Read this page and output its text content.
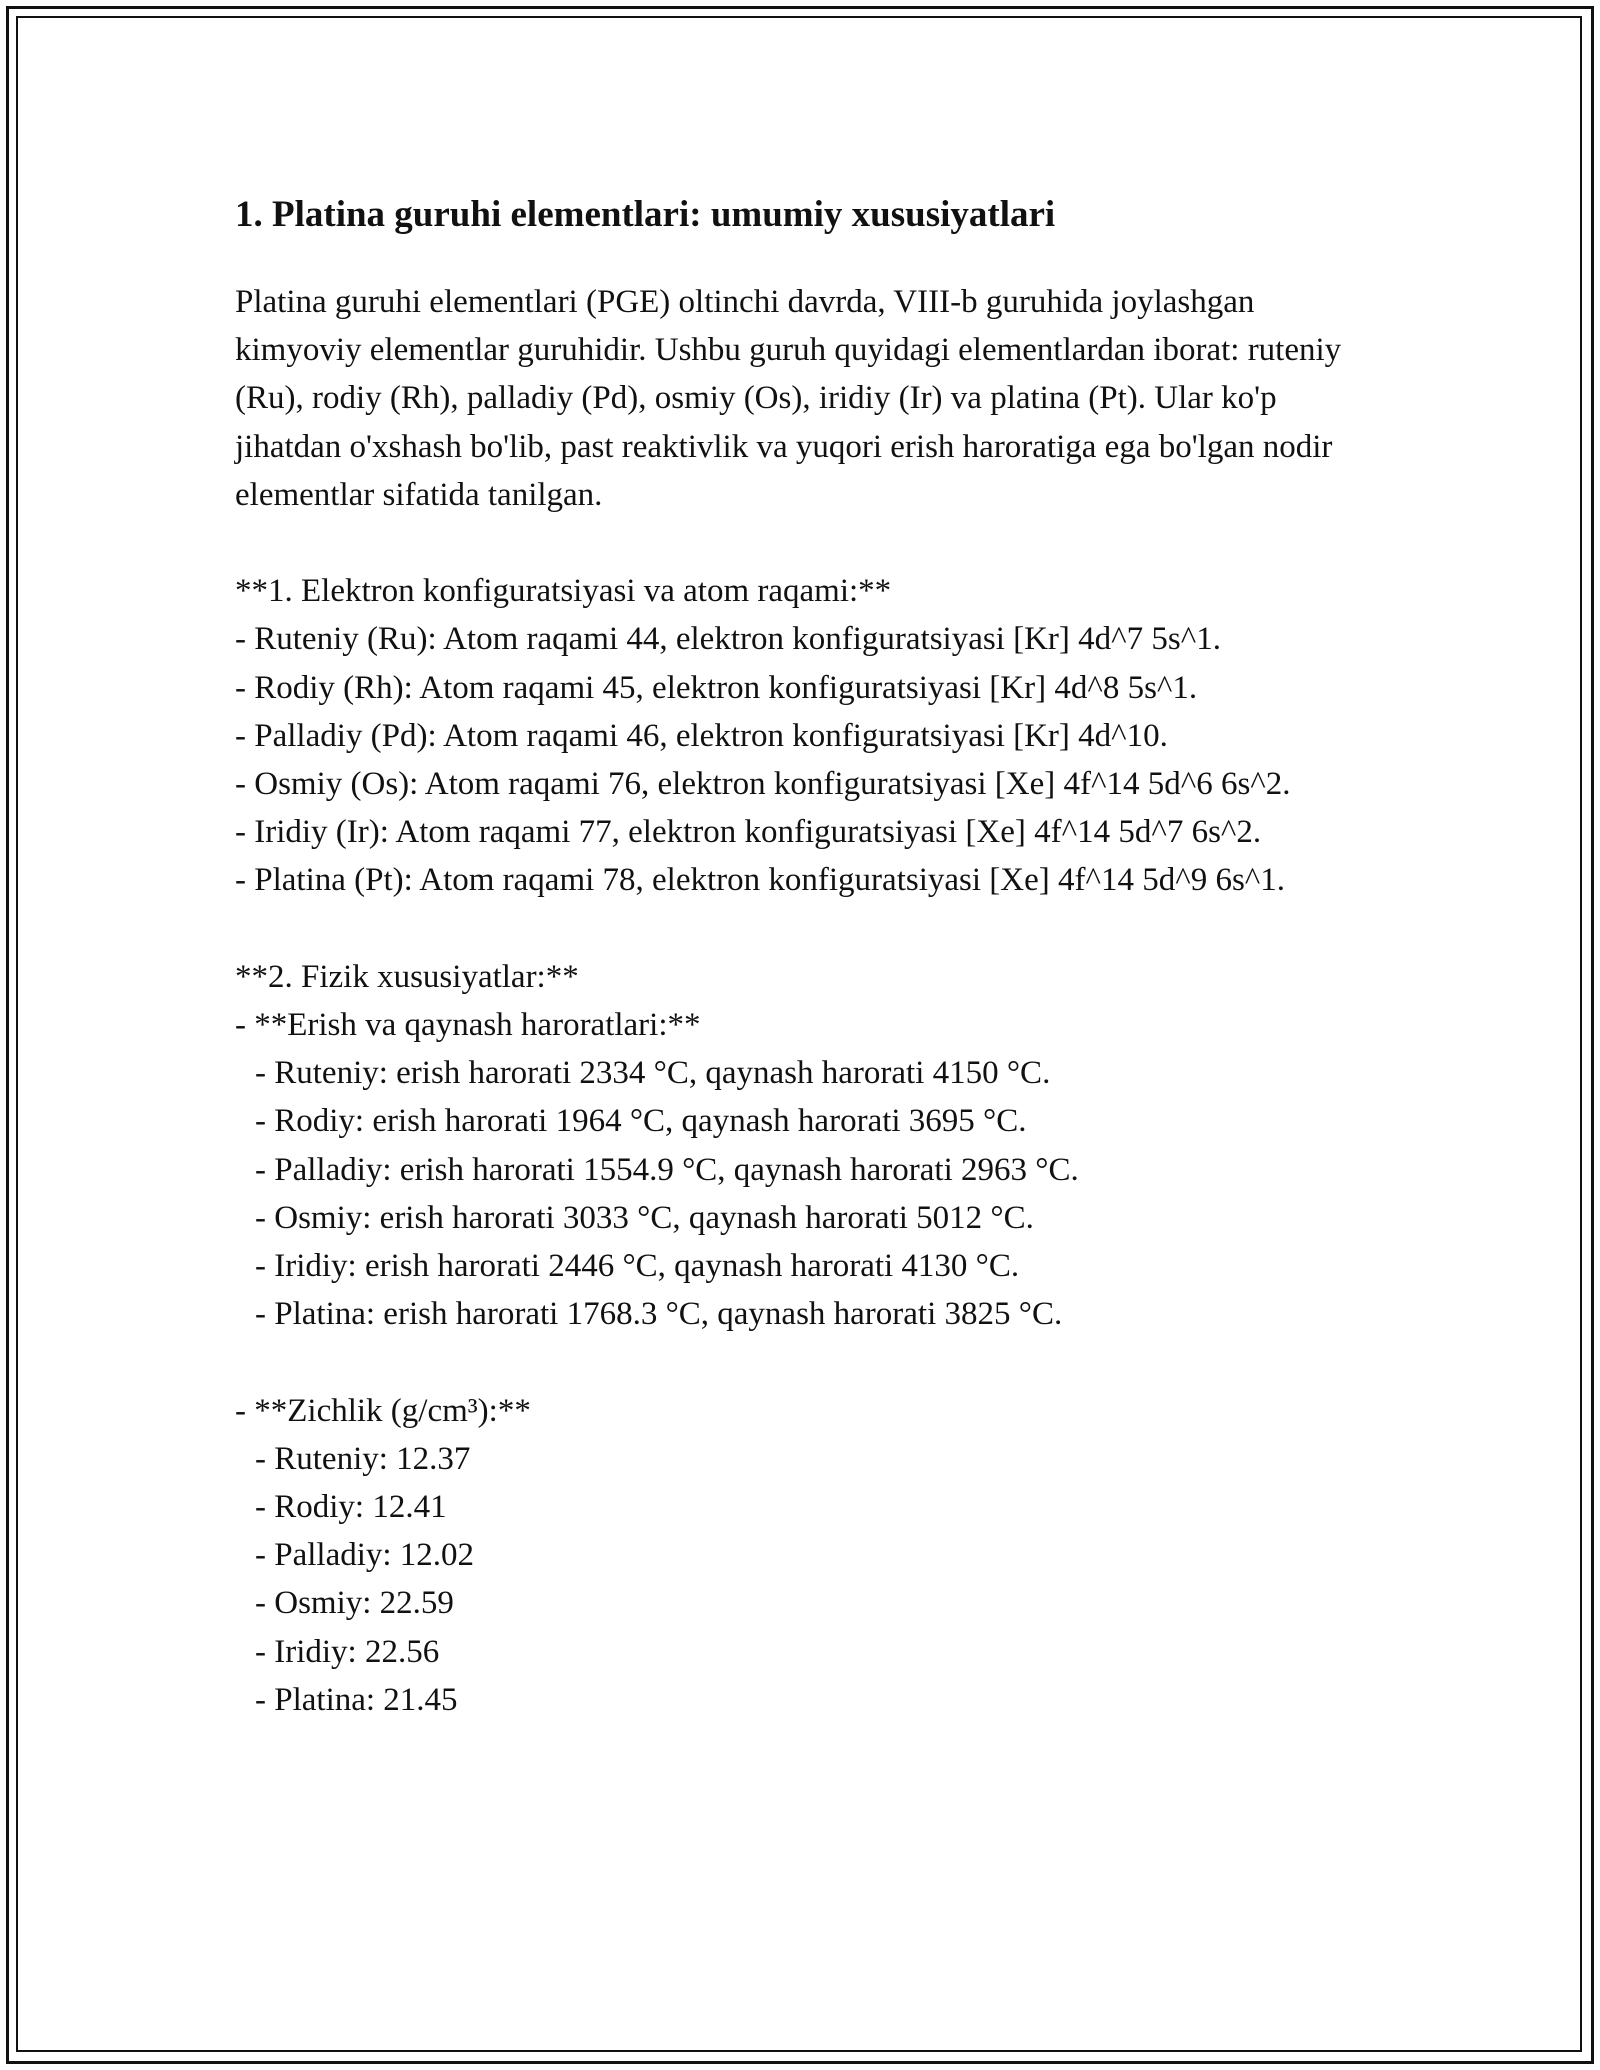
1. Platina guruhi elementlari: umumiy xususiyatlari

Platina guruhi elementlari (PGE) oltinchi davrda, VIII-b guruhida joylashgan kimyoviy elementlar guruhidir. Ushbu guruh quyidagi elementlardan iborat: ruteniy (Ru), rodiy (Rh), palladiy (Pd), osmiy (Os), iridiy (Ir) va platina (Pt). Ular ko'p jihatdan o'xshash bo'lib, past reaktivlik va yuqori erish haroratiga ega bo'lgan nodir elementlar sifatida tanilgan.

**1. Elektron konfiguratsiyasi va atom raqami:**
- Ruteniy (Ru): Atom raqami 44, elektron konfiguratsiyasi [Kr] 4d^7 5s^1.
- Rodiy (Rh): Atom raqami 45, elektron konfiguratsiyasi [Kr] 4d^8 5s^1.
- Palladiy (Pd): Atom raqami 46, elektron konfiguratsiyasi [Kr] 4d^10.
- Osmiy (Os): Atom raqami 76, elektron konfiguratsiyasi [Xe] 4f^14 5d^6 6s^2.
- Iridiy (Ir): Atom raqami 77, elektron konfiguratsiyasi [Xe] 4f^14 5d^7 6s^2.
- Platina (Pt): Atom raqami 78, elektron konfiguratsiyasi [Xe] 4f^14 5d^9 6s^1.
**2. Fizik xususiyatlar:**
- **Erish va qaynash haroratlari:**
- Ruteniy: erish harorati 2334 °C, qaynash harorati 4150 °C.
- Rodiy: erish harorati 1964 °C, qaynash harorati 3695 °C.
- Palladiy: erish harorati 1554.9 °C, qaynash harorati 2963 °C.
- Osmiy: erish harorati 3033 °C, qaynash harorati 5012 °C.
- Iridiy: erish harorati 2446 °C, qaynash harorati 4130 °C.
- Platina: erish harorati 1768.3 °C, qaynash harorati 3825 °C.
- **Zichlik (g/cm³):**
- Ruteniy: 12.37
- Rodiy: 12.41
- Palladiy: 12.02
- Osmiy: 22.59
- Iridiy: 22.56
- Platina: 21.45
